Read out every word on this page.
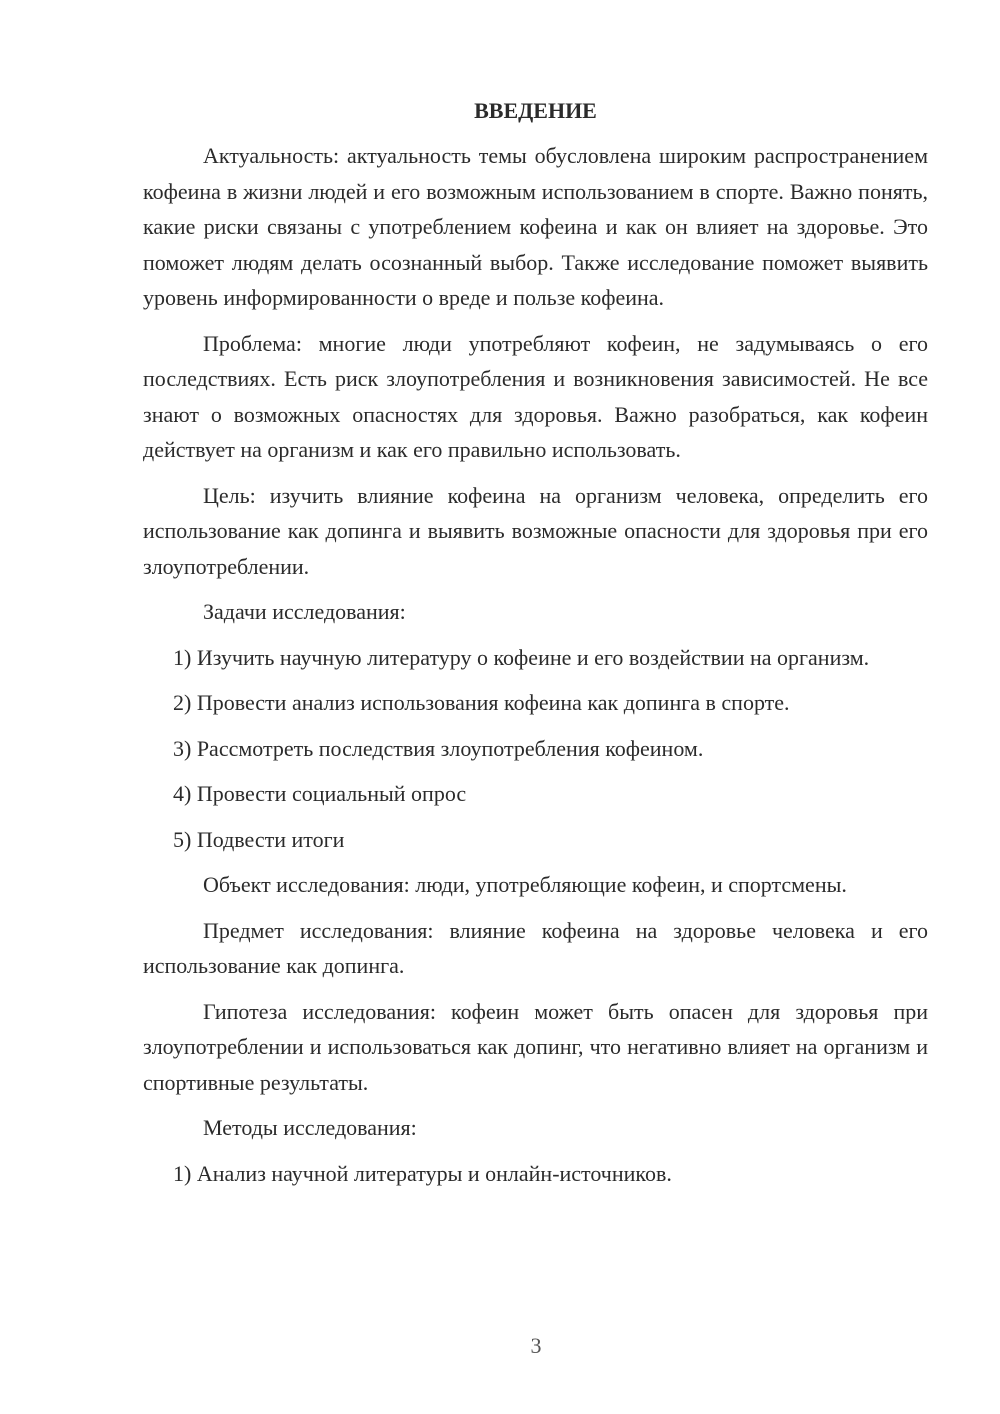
ВВЕДЕНИЕ

Актуальность: актуальность темы обусловлена широким распространением кофеина в жизни людей и его возможным использованием в спорте. Важно понять, какие риски связаны с употреблением кофеина и как он влияет на здоровье. Это поможет людям делать осознанный выбор. Также исследование поможет выявить уровень информированности о вреде и пользе кофеина.

Проблема: многие люди употребляют кофеин, не задумываясь о его последствиях. Есть риск злоупотребления и возникновения зависимостей. Не все знают о возможных опасностях для здоровья. Важно разобраться, как кофеин действует на организм и как его правильно использовать.

Цель: изучить влияние кофеина на организм человека, определить его использование как допинга и выявить возможные опасности для здоровья при его злоупотреблении.

Задачи исследования:

1) Изучить научную литературу о кофеине и его воздействии на организм.

2) Провести анализ использования кофеина как допинга в спорте.

3) Рассмотреть последствия злоупотребления кофеином.

4) Провести социальный опрос

5) Подвести итоги

Объект исследования: люди, употребляющие кофеин, и спортсмены.

Предмет исследования: влияние кофеина на здоровье человека и его использование как допинга.

Гипотеза исследования: кофеин может быть опасен для здоровья при злоупотреблении и использоваться как допинг, что негативно влияет на организм и спортивные результаты.

Методы исследования:

1) Анализ научной литературы и онлайн-источников.

3
